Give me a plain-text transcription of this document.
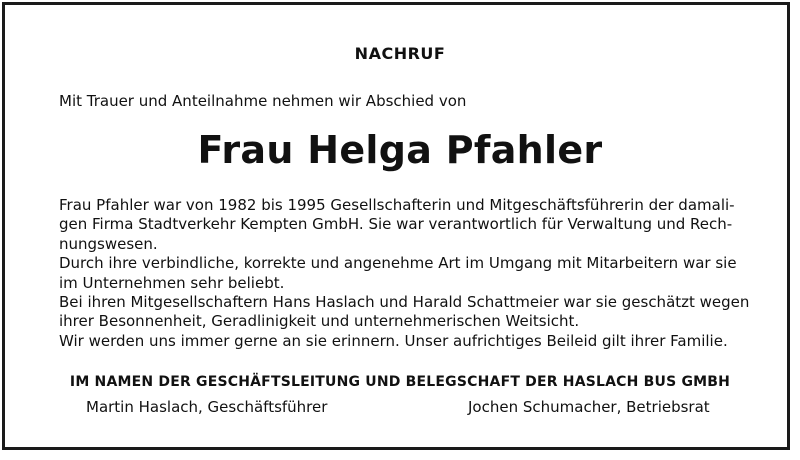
NACHRUF
Mit Trauer und Anteilnahme nehmen wir Abschied von
Frau Helga Pfahler
Frau Pfahler war von 1982 bis 1995 Gesellschafterin und Mitgeschäftsführerin der damali-
gen Firma Stadtverkehr Kempten GmbH. Sie war verantwortlich für Verwaltung und Rech-
nungswesen.
Durch ihre verbindliche, korrekte und angenehme Art im Umgang mit Mitarbeitern war sie
im Unternehmen sehr beliebt.
Bei ihren Mitgesellschaftern Hans Haslach und Harald Schattmeier war sie geschätzt wegen
ihrer Besonnenheit, Geradlinigkeit und unternehmerischen Weitsicht.
Wir werden uns immer gerne an sie erinnern. Unser aufrichtiges Beileid gilt ihrer Familie.
IM NAMEN DER GESCHÄFTSLEITUNG UND BELEGSCHAFT DER HASLACH BUS GMBH
Martin Haslach, Geschäftsführer	Jochen Schumacher, Betriebsrat
